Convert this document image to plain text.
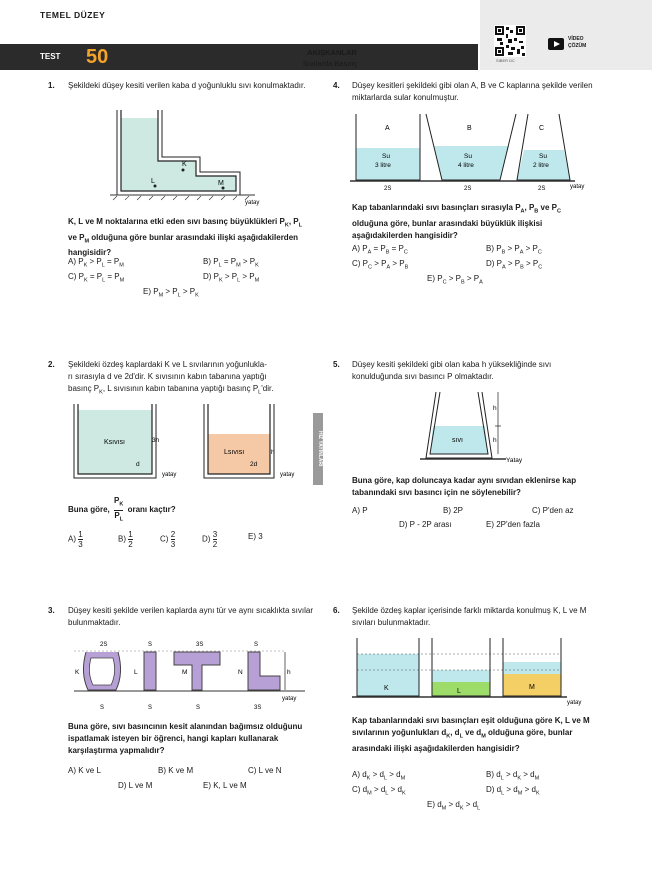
TEMEL DÜZEY
TEST 50	AKIŞKANLAR
Sıvılarda Basınç	SIBER DC
VİDEO
ÇÖZÜM
HIZ YAYINLARI
1. Şekildeki düşey kesiti verilen kaba d yoğunluklu sıvı konulmaktadır.
K
L	M
yatay
K, L ve M noktalarına etki eden sıvı basınç büyüklükleri $P_K$, $P_L$ ve $P_M$ olduğuna göre bunlar arasındaki ilişki aşağıdakilerden hangisidir?
A) $P_K > P_L = P_M$	B) $P_L = P_M > P_K$
C) $P_K = P_L = P_M$	D) $P_K > P_L > P_M$
E) $P_M > P_L > P_K$
2. Şekildeki özdeş kaplardaki K ve L sıvılarının yoğunlukla-
rı sırasıyla d ve 2d'dir. K sıvısının kabın tabanına yaptığı
basınç $P_K$, L sıvısının kabın tabanına yaptığı basınç $P_L'dir$.
Ksıvısı	3h
d
yatay
Lsıvısı	h
2d
yatay
Buna göre, $\frac{P_K}{P_L}$ oranı kaçtır?
$A) \frac{1}{3}$	$B) \frac{1}{2}$	$C) \frac{2}{3}$	$D) \frac{3}{2}$	E) 3
3. Düşey kesiti şekilde verilen kaplarda aynı tür ve aynı sıcaklıkta sıvılar bulunmaktadır.
2S	S	3S	S
K	L	M	N	h
yatay
S	S	S	3S
Buna göre, sıvı basıncının kesit alanından bağımsız olduğunu ispatlamak isteyen bir öğrenci, hangi kapları kullanarak karşılaştırma yapmalıdır?
A) K ve L	B) K ve M	C) L ve N
D) L ve M	E) K, L ve M
4. Düşey kesitleri şekildeki gibi olan A, B ve C kaplarına şekilde verilen miktarlarda sular konulmuştur.
A	B	C
Su
3 litre
Su
4 litre
Su
2 litre
2S	2S	2S	yatay
Kap tabanlarındaki sıvı basınçları sırasıyla $P_A$, $P_B$ ve $P_C$ olduğuna göre, bunlar arasındaki büyüklük ilişkisi aşağıdakilerden hangisidir?
A) $P_A = P_B = P_C$	B) $P_B > P_A > P_C$
C) $P_C > P_A > P_B$	D) $P_A > P_B > P_C$
E) $P_C > P_B > P_A$
5. Düşey kesiti şekildeki gibi olan kaba h yüksekliğinde sıvı konulduğunda sıvı basıncı P olmaktadır.
sıvı
h
h
Yatay
Buna göre, kap doluncaya kadar aynı sıvıdan eklenirse kap tabanındaki sıvı basıncı için ne söylenebilir?
A) P	B) 2P	C) P'den az
D) P - 2P arası	E) 2P'den fazla
6. Şekilde özdeş kaplar içerisinde farklı miktarda konulmuş K, L ve M sıvıları bulunmaktadır.
K	L
M
yatay
Kap tabanlarındaki sıvı basınçları eşit olduğuna göre K, L ve M sıvılarının yoğunlukları $d_K$, $d_L$ ve $d_M$ olduğuna göre, bunlar arasındaki ilişki aşağıdakilerden hangisidir?
A) $d_K > d_L > d_M$	B) $d_L > d_K > d_M$
C) $d_M > d_L > d_K$	D) $d_L > d_M > d_K$
E) $d_M > d_K > d_L$
